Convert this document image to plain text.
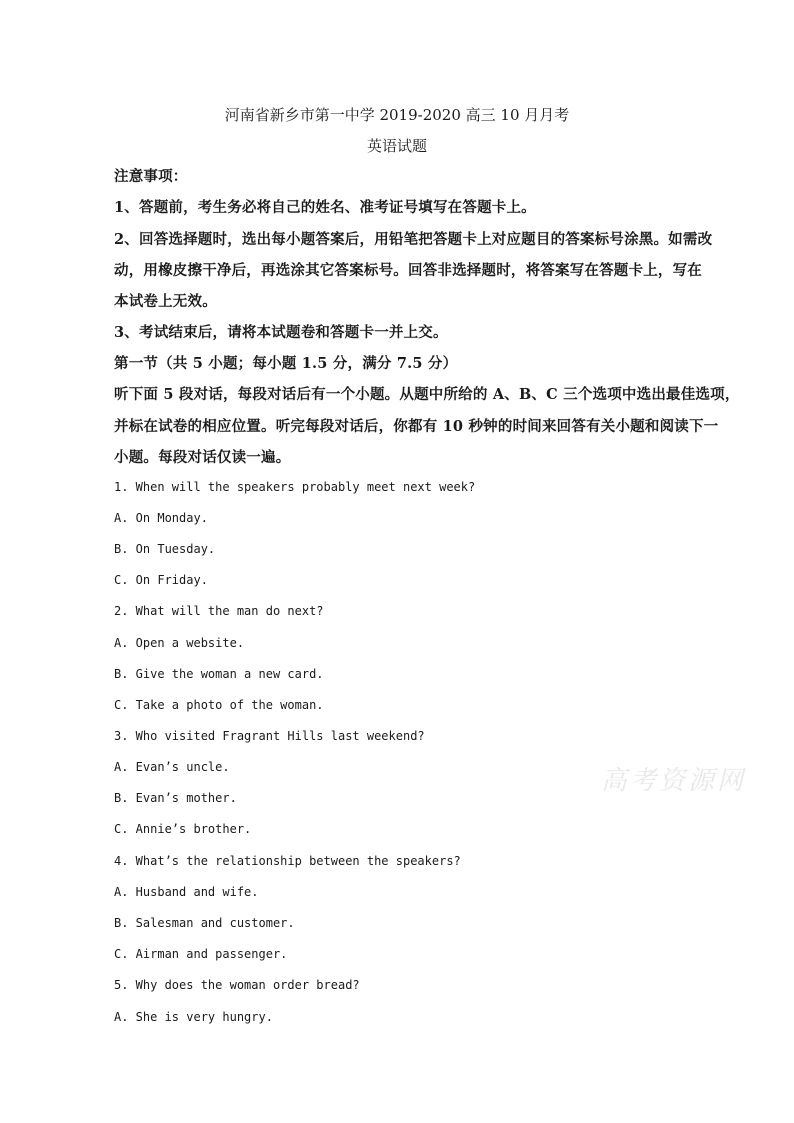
河南省新乡市第一中学 2019-2020 高三 10 月月考
英语试题
注意事项：
1、答题前，考生务必将自己的姓名、准考证号填写在答题卡上。
2、回答选择题时，选出每小题答案后，用铅笔把答题卡上对应题目的答案标号涂黑。如需改
动，用橡皮擦干净后，再选涂其它答案标号。回答非选择题时，将答案写在答题卡上，写在
本试卷上无效。
3、考试结束后，请将本试题卷和答题卡一并上交。
第一节（共 5 小题；每小题 1.5 分，满分 7.5 分）
听下面 5 段对话，每段对话后有一个小题。从题中所给的 A、B、C 三个选项中选出最佳选项，
并标在试卷的相应位置。听完每段对话后，你都有 10 秒钟的时间来回答有关小题和阅读下一
小题。每段对话仅读一遍。
1. When will the speakers probably meet next week?
A. On Monday.
B. On Tuesday.
C. On Friday.
2. What will the man do next?
A. Open a website.
B. Give the woman a new card.
C. Take a photo of the woman.
3. Who visited Fragrant Hills last weekend?
A. Evan’s uncle.
B. Evan’s mother.
C. Annie’s brother.
4. What’s the relationship between the speakers?
A. Husband and wife.
B. Salesman and customer.
C. Airman and passenger.
5. Why does the woman order bread?
A. She is very hungry.
高考资源网
